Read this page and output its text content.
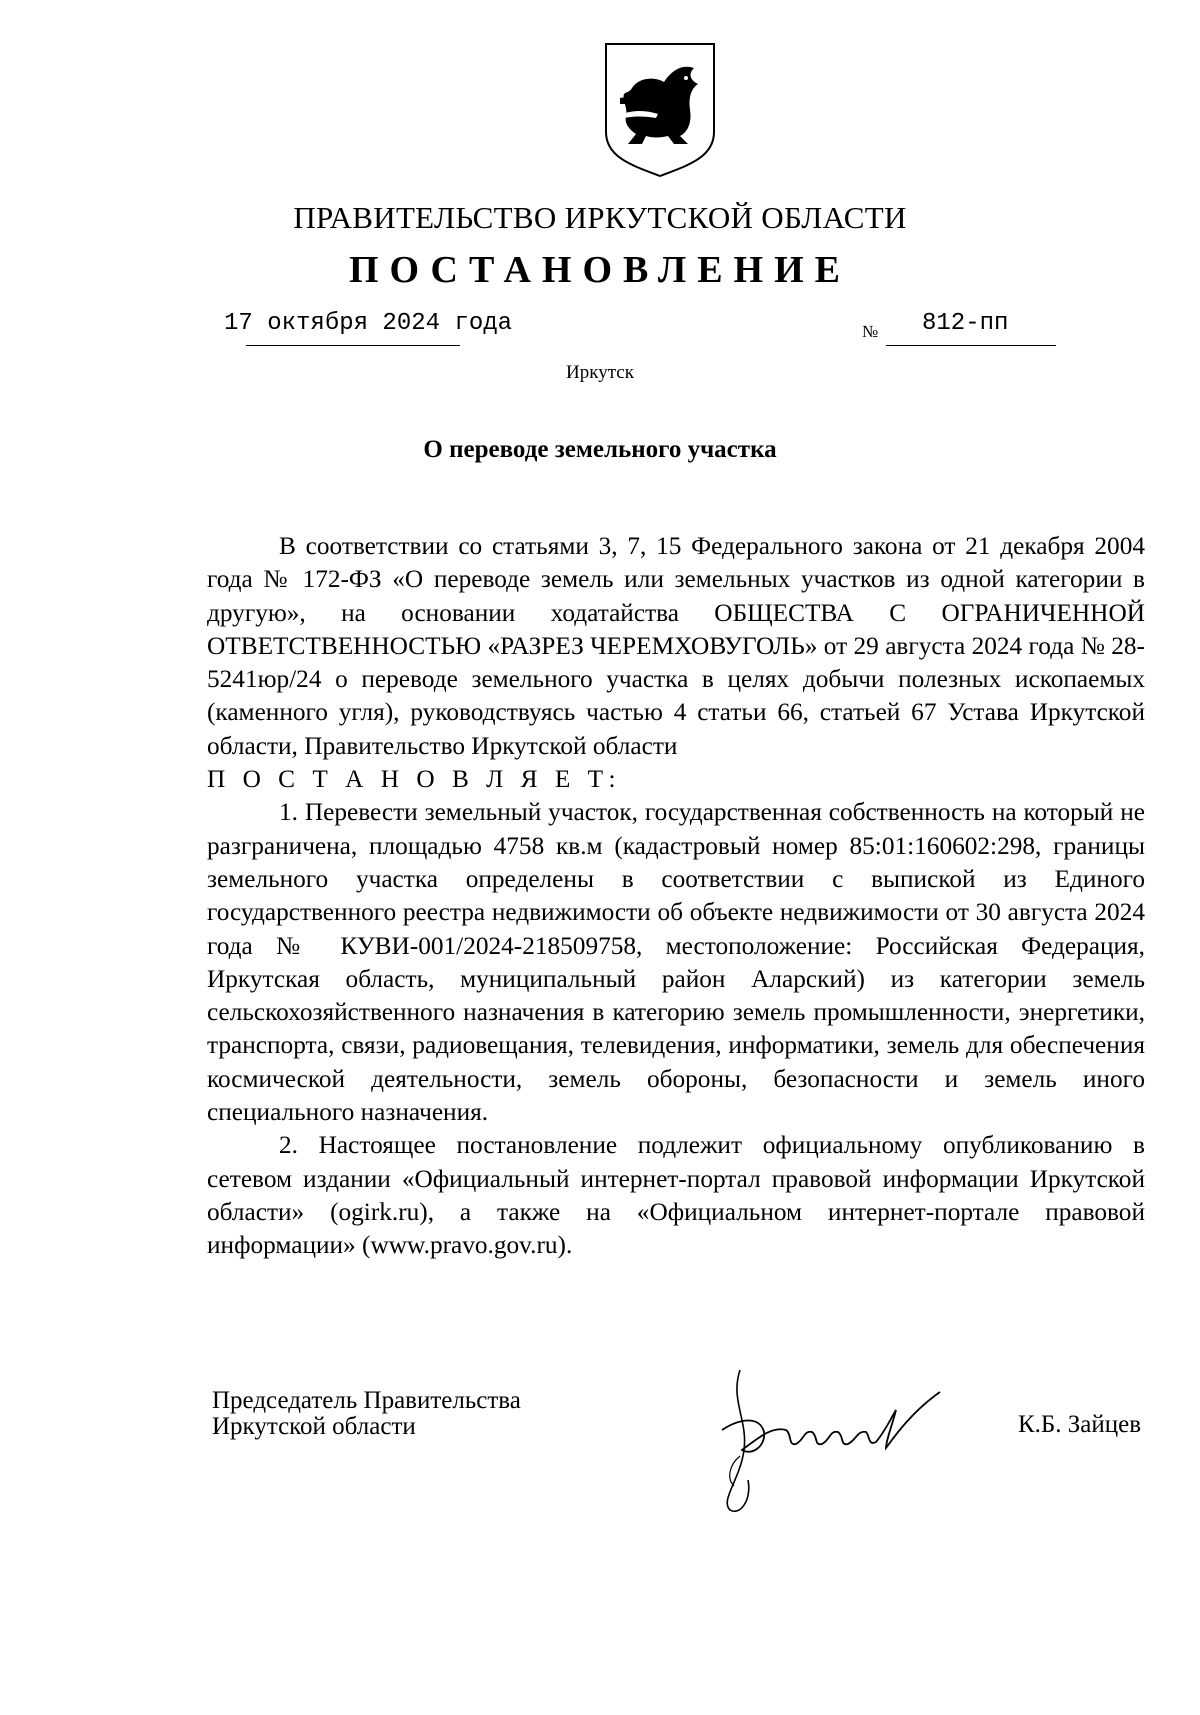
ПРАВИТЕЛЬСТВО ИРКУТСКОЙ ОБЛАСТИ
ПОСТАНОВЛЕНИЕ
17 октября 2024 года	№ 812-пп
Иркутск
О переводе земельного участка

В соответствии со статьями 3, 7, 15 Федерального закона от 21 декабря 2004 года № 172-ФЗ «О переводе земель или земельных участков из одной категории в другую», на основании ходатайства ОБЩЕСТВА С ОГРАНИЧЕННОЙ ОТВЕТСТВЕННОСТЬЮ «РАЗРЕЗ ЧЕРЕМХОВУГОЛЬ» от 29 августа 2024 года № 28-5241юр/24 о переводе земельного участка в целях добычи полезных ископаемых (каменного угля), руководствуясь частью 4 статьи 66, статьей 67 Устава Иркутской области, Правительство Иркутской области

П О С Т А Н О В Л Я Е Т:

1. Перевести земельный участок, государственная собственность на который не разграничена, площадью 4758 кв.м (кадастровый номер 85:01:160602:298, границы земельного участка определены в соответствии с выпиской из Единого государственного реестра недвижимости об объекте недвижимости от 30 августа 2024 года № КУВИ-001/2024-218509758, местоположение: Российская Федерация, Иркутская область, муниципальный район Аларский) из категории земель сельскохозяйственного назначения в категорию земель промышленности, энергетики, транспорта, связи, радиовещания, телевидения, информатики, земель для обеспечения космической деятельности, земель обороны, безопасности и земель иного специального назначения.

2. Настоящее постановление подлежит официальному опубликованию в сетевом издании «Официальный интернет-портал правовой информации Иркутской области» (ogirk.ru), а также на «Официальном интернет-портале правовой информации» (www.pravo.gov.ru).

Председатель Правительства
Иркутской области	К.Б. Зайцев
